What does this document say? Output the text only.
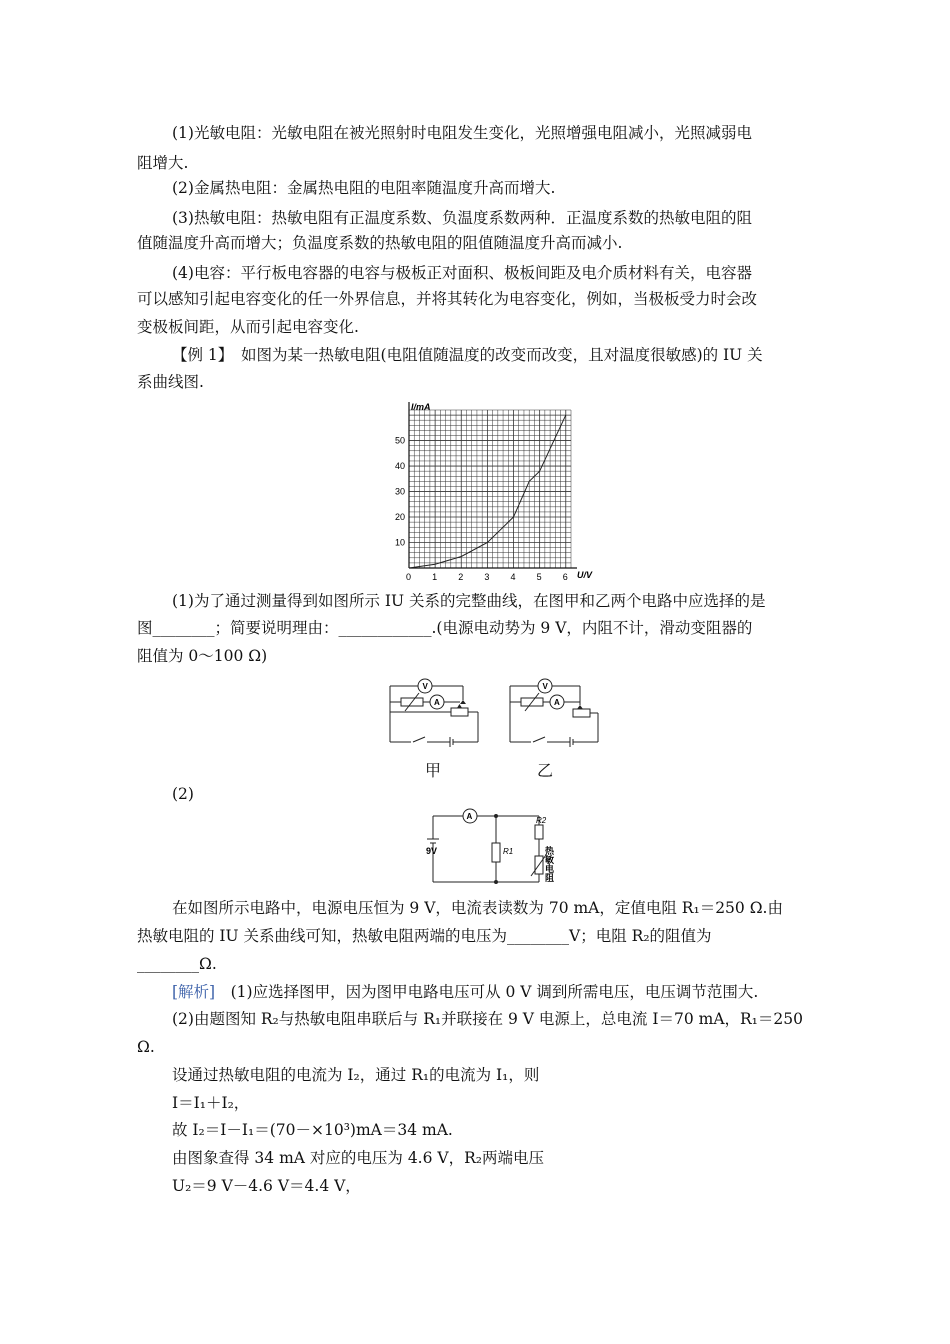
(1)光敏电阻：光敏电阻在被光照射时电阻发生变化，光照增强电阻减小，光照减弱电
阻增大.
(2)金属热电阻：金属热电阻的电阻率随温度升高而增大.
(3)热敏电阻：热敏电阻有正温度系数、负温度系数两种．正温度系数的热敏电阻的阻
值随温度升高而增大；负温度系数的热敏电阻的阻值随温度升高而减小.
(4)电容：平行板电容器的电容与极板正对面积、极板间距及电介质材料有关，电容器
可以感知引起电容变化的任一外界信息，并将其转化为电容变化，例如，当极板受力时会改
变极板间距，从而引起电容变化.
【例 1】　如图为某一热敏电阻(电阻值随温度的改变而改变，且对温度很敏感)的 IU 关
系曲线图.
I/mA
U/V
0 1 2 3 4 5 6
10
20
30
40
50
(1)为了通过测量得到如图所示 IU 关系的完整曲线，在图甲和乙两个电路中应选择的是
图________；简要说明理由：____________.(电源电动势为 9 V，内阻不计，滑动变阻器的
阻值为 0～100 Ω)
V
A
V
A
甲	乙
(2)
A
9V	R1
R2
热敏电阻
在如图所示电路中，电源电压恒为 9 V，电流表读数为 70 mA，定值电阻 R₁＝250 Ω.由
热敏电阻的 IU 关系曲线可知，热敏电阻两端的电压为________V；电阻 R₂的阻值为
________Ω.
[解析]　(1)应选择图甲，因为图甲电路电压可从 0 V 调到所需电压，电压调节范围大.
(2)由题图知 R₂与热敏电阻串联后与 R₁并联接在 9 V 电源上，总电流 I＝70 mA，R₁＝250
Ω.
设通过热敏电阻的电流为 I₂，通过 R₁的电流为 I₁，则
I＝I₁＋I₂，
故 I₂＝I－I₁＝(70－×10³)mA＝34 mA.
由图象查得 34 mA 对应的电压为 4.6 V，R₂两端电压
U₂＝9 V－4.6 V＝4.4 V，
